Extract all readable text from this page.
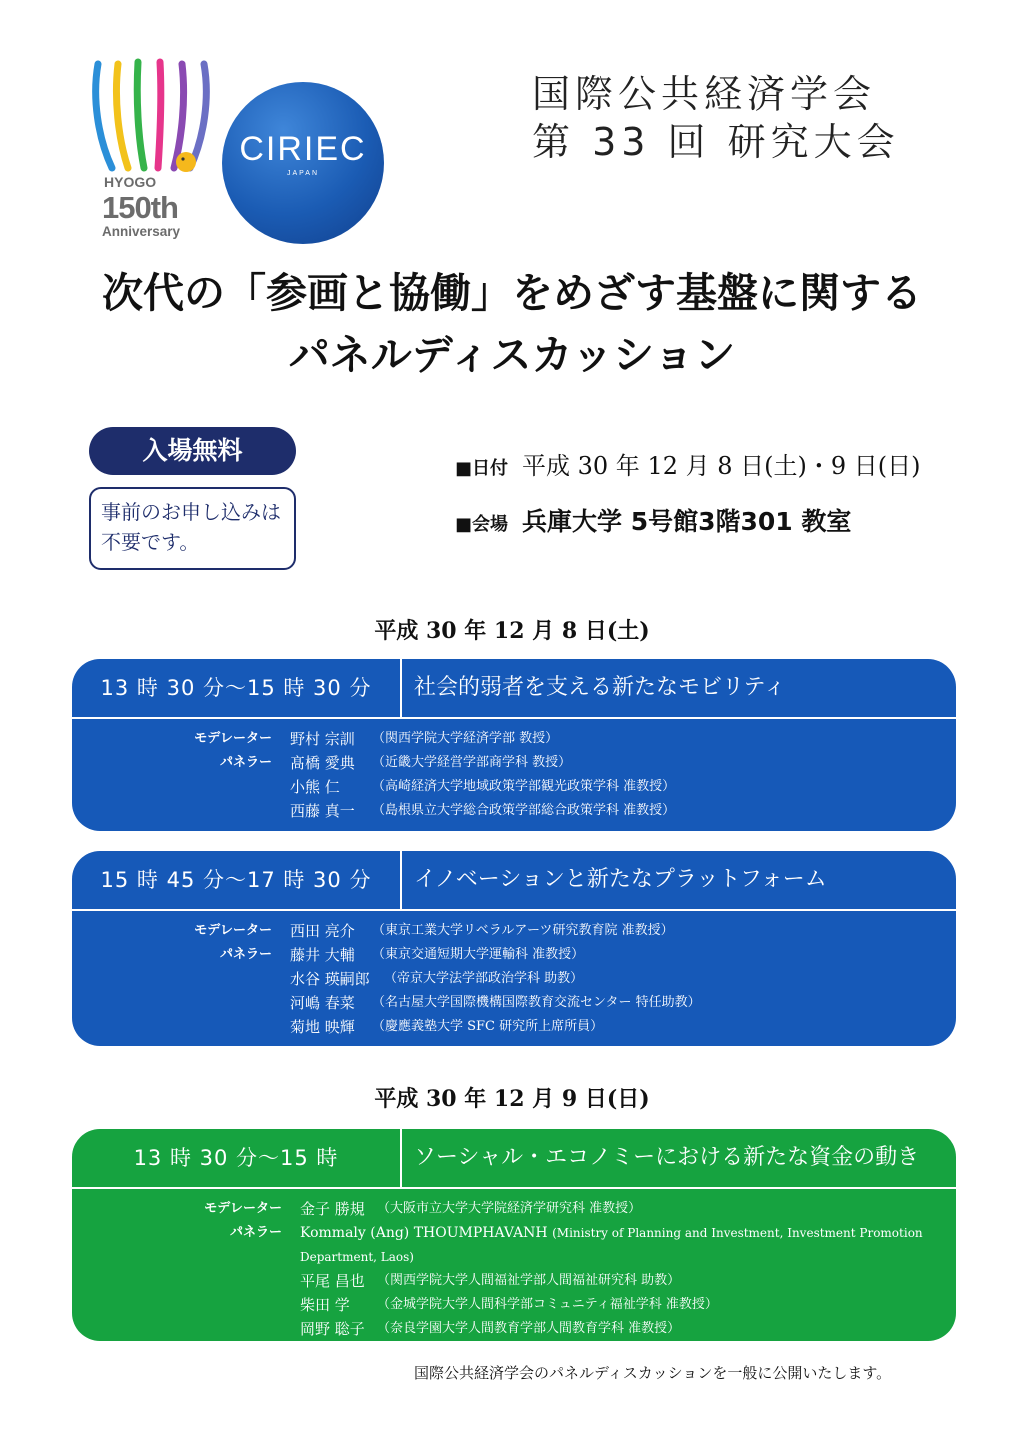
HYOGO
150th
Anniversary
CIRIEC
JAPAN
国際公共経済学会
第 33 回 研究大会
次代の「参画と協働」をめざす基盤に関する
パネルディスカッション
入場無料
事前のお申し込みは不要です。
■日付 平成 30 年 12 月 8 日(土)・9 日(日)
■会場 兵庫大学 5号館3階301 教室
平成 30 年 12 月 8 日(土)
13 時 30 分〜15 時 30 分	社会的弱者を支える新たなモビリティ
モデレーター 野村 宗訓 （関西学院大学経済学部 教授）
パネラー 髙橋 愛典 （近畿大学経営学部商学科 教授）
小熊 仁 （高崎経済大学地域政策学部観光政策学科 准教授）
西藤 真一 （島根県立大学総合政策学部総合政策学科 准教授）
15 時 45 分〜17 時 30 分	イノベーションと新たなプラットフォーム
モデレーター 西田 亮介 （東京工業大学リベラルアーツ研究教育院 准教授）
パネラー 藤井 大輔 （東京交通短期大学運輸科 准教授）
水谷 瑛嗣郎 （帝京大学法学部政治学科 助教）
河嶋 春菜 （名古屋大学国際機構国際教育交流センター 特任助教）
菊地 映輝 （慶應義塾大学 SFC 研究所上席所員）
平成 30 年 12 月 9 日(日)
13 時 30 分〜15 時	ソーシャル・エコノミーにおける新たな資金の動き
モデレーター 金子 勝規 （大阪市立大学大学院経済学研究科 准教授）
パネラー Kommaly (Ang) THOUMPHAVANH (Ministry of Planning and Investment, Investment Promotion
Department, Laos)
平尾 昌也 （関西学院大学人間福祉学部人間福祉研究科 助教）
柴田 学 （金城学院大学人間科学部コミュニティ福祉学科 准教授）
岡野 聡子 （奈良学園大学人間教育学部人間教育学科 准教授）
国際公共経済学会のパネルディスカッションを一般に公開いたします。
